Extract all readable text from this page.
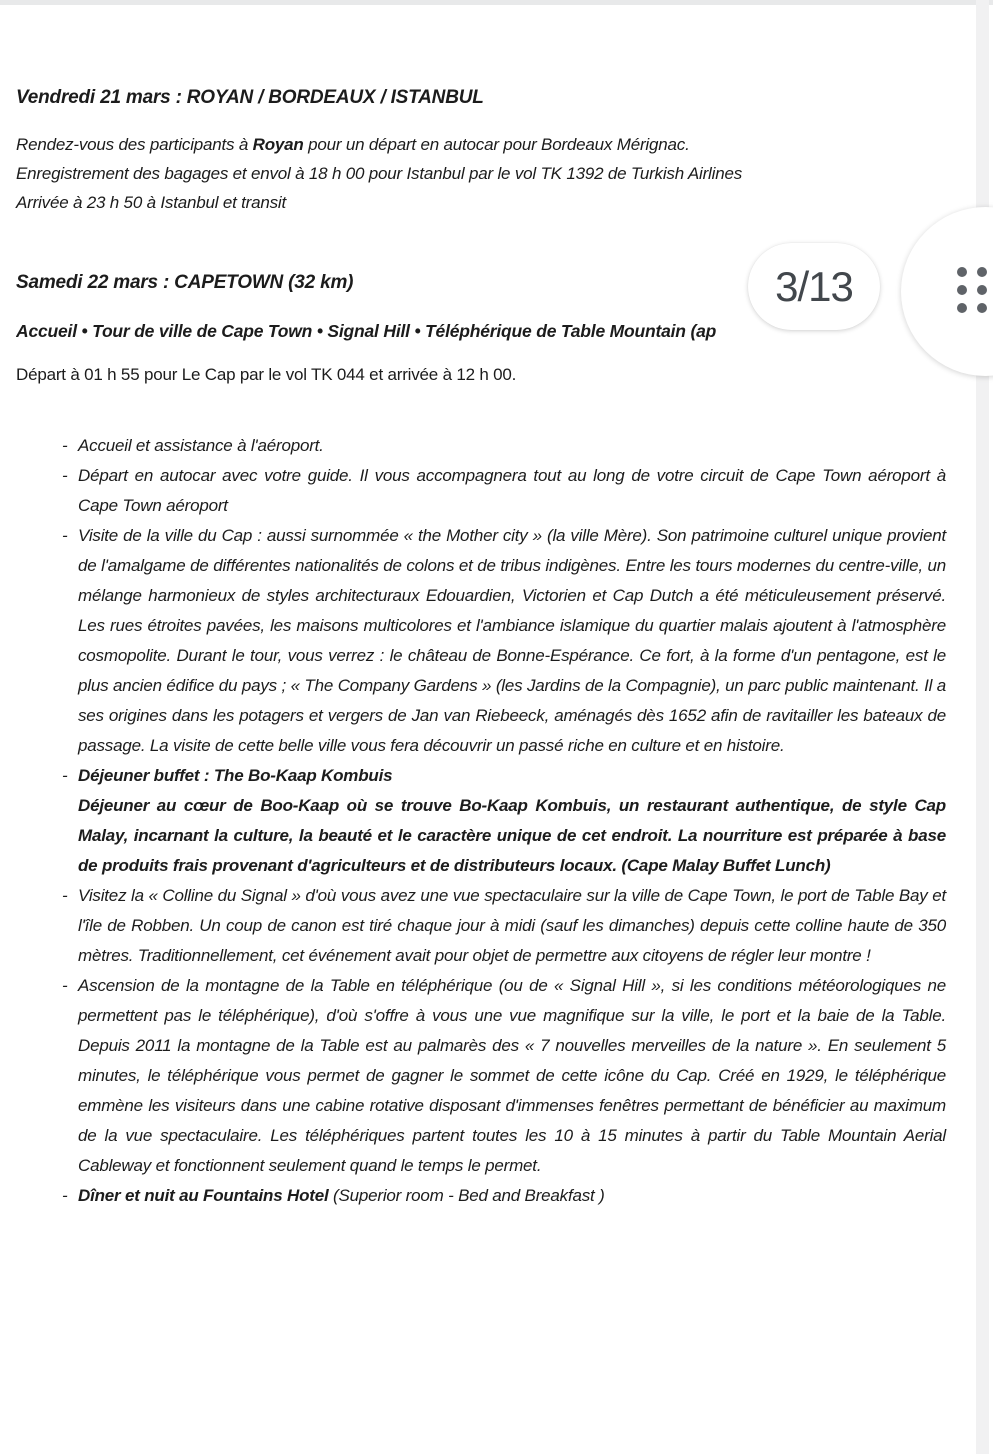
Vendredi 21 mars : ROYAN / BORDEAUX / ISTANBUL

Rendez-vous des participants à Royan pour un départ en autocar pour Bordeaux Mérignac.
Enregistrement des bagages et envol à 18 h 00 pour Istanbul par le vol TK 1392 de Turkish Airlines
Arrivée à 23 h 50 à Istanbul et transit

Samedi 22 mars : CAPETOWN (32 km)

Accueil • Tour de ville de Cape Town • Signal Hill • Téléphérique de Table Mountain (ap
Départ à 01 h 55 pour Le Cap par le vol TK 044 et arrivée à 12 h 00.
- Accueil et assistance à l'aéroport.
- Départ en autocar avec votre guide. Il vous accompagnera tout au long de votre circuit de Cape Town aéroport à Cape Town aéroport
- Visite de la ville du Cap : aussi surnommée « the Mother city » (la ville Mère). Son patrimoine culturel unique provient de l'amalgame de différentes nationalités de colons et de tribus indigènes. Entre les tours modernes du centre-ville, un mélange harmonieux de styles architecturaux Edouardien, Victorien et Cap Dutch a été méticuleusement préservé. Les rues étroites pavées, les maisons multicolores et l'ambiance islamique du quartier malais ajoutent à l'atmosphère cosmopolite. Durant le tour, vous verrez : le château de Bonne-Espérance. Ce fort, à la forme d'un pentagone, est le plus ancien édifice du pays ; « The Company Gardens » (les Jardins de la Compagnie), un parc public maintenant. Il a ses origines dans les potagers et vergers de Jan van Riebeeck, aménagés dès 1652 afin de ravitailler les bateaux de passage. La visite de cette belle ville vous fera découvrir un passé riche en culture et en histoire.
- Déjeuner buffet : The Bo-Kaap Kombuis
Déjeuner au cœur de Boo-Kaap où se trouve Bo-Kaap Kombuis, un restaurant authentique, de style Cap Malay, incarnant la culture, la beauté et le caractère unique de cet endroit. La nourriture est préparée à base de produits frais provenant d'agriculteurs et de distributeurs locaux. (Cape Malay Buffet Lunch)
- Visitez la « Colline du Signal » d'où vous avez une vue spectaculaire sur la ville de Cape Town, le port de Table Bay et l'île de Robben. Un coup de canon est tiré chaque jour à midi (sauf les dimanches) depuis cette colline haute de 350 mètres. Traditionnellement, cet événement avait pour objet de permettre aux citoyens de régler leur montre !
- Ascension de la montagne de la Table en téléphérique (ou de « Signal Hill », si les conditions météorologiques ne permettent pas le téléphérique), d'où s'offre à vous une vue magnifique sur la ville, le port et la baie de la Table. Depuis 2011 la montagne de la Table est au palmarès des « 7 nouvelles merveilles de la nature ». En seulement 5 minutes, le téléphérique vous permet de gagner le sommet de cette icône du Cap. Créé en 1929, le téléphérique emmène les visiteurs dans une cabine rotative disposant d'immenses fenêtres permettant de bénéficier au maximum de la vue spectaculaire. Les téléphériques partent toutes les 10 à 15 minutes à partir du Table Mountain Aerial Cableway et fonctionnent seulement quand le temps le permet.
- Dîner et nuit au Fountains Hotel (Superior room - Bed and Breakfast )
3/13
